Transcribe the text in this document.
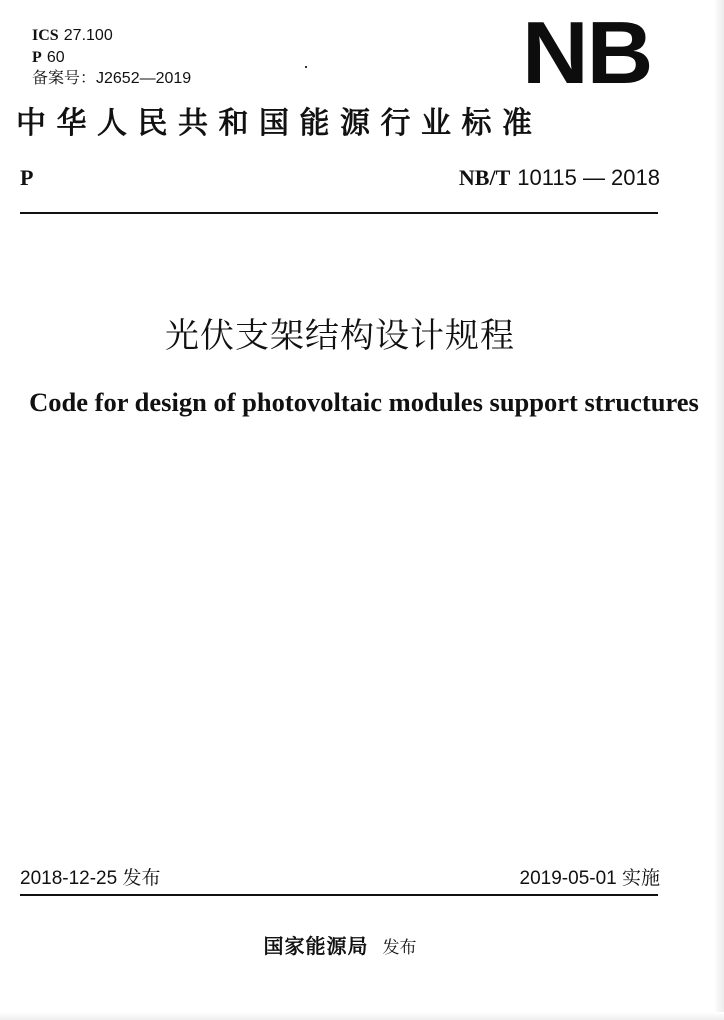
ICS 27.100
P 60
备案号：J2652—2019	NB
中华人民共和国能源行业标准
P	NB/T 10115 — 2018
光伏支架结构设计规程
Code for design of photovoltaic modules support structures
2018-12-25 发布	2019-05-01 实施
国家能源局 发布
